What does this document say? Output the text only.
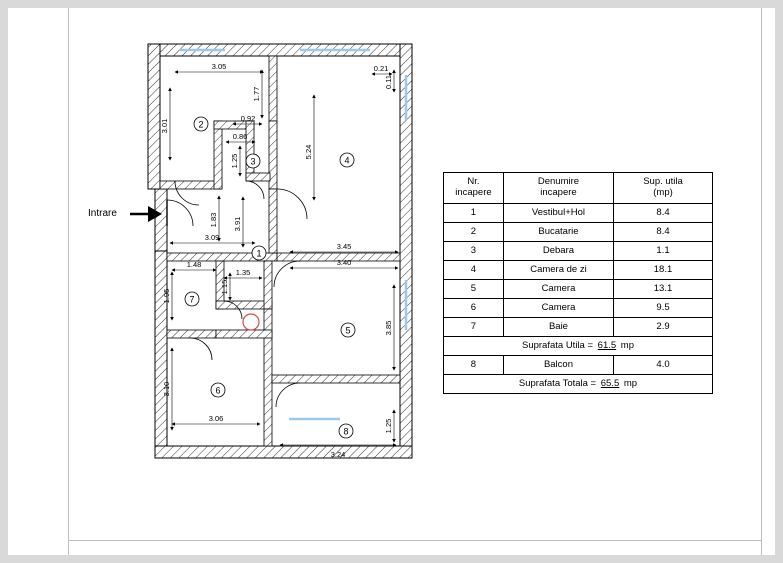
2
3	4
1
7
5
6
8
3.05
3.01
1.77
0.92
0.86
1.25
0.21
0.11
5.24
1.83 3.91
3.09
3.45
3.40
1.48
1.35
1.15
1.95
3.85
3.10
3.06
3.24
1.25
Intrare
Nr.
incapere

Denumire
incapere

Sup. utila
(mp)

1	Vestibul+Hol	8.4
2	Bucatarie	8.4
3	Debara	1.1
4	Camera de zi	18.1
5	Camera	13.1
6	Camera	9.5
7	Baie	2.9
Suprafata Utila = 61.5 mp		
8	Balcon	4.0
Suprafata Totala = 65.5 mp		
